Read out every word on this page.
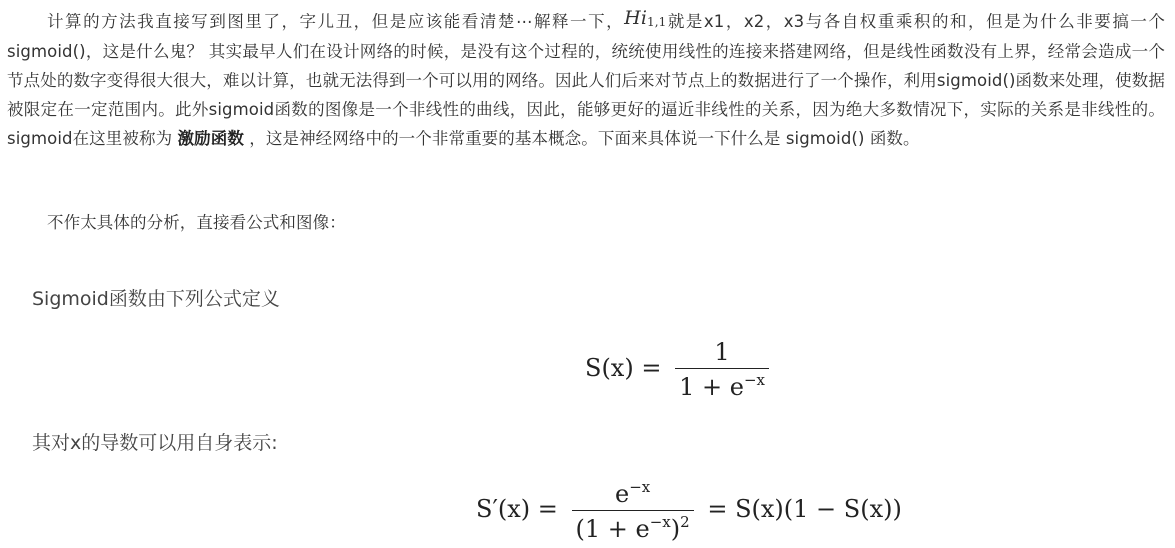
计算的方法我直接写到图里了，字儿丑，但是应该能看清楚⋯解释一下，$Hi_{1,1}$就是x1，x2，x3与各自权重乘积的和，但是为什么非要搞一个 sigmoid()，这是什么鬼？ 其实最早人们在设计网络的时候，是没有这个过程的，统统使用线性的连接来搭建网络，但是线性函数没有上界，经常会造成一个节点处的数字变得很大很大，难以计算，也就无法得到一个可以用的网络。因此人们后来对节点上的数据进行了一个操作，利用sigmoid()函数来处理，使数据被限定在一定范围内。此外sigmoid函数的图像是一个非线性的曲线，因此，能够更好的逼近非线性的关系，因为绝大多数情况下，实际的关系是非线性的。sigmoid在这里被称为 激励函数 ，这是神经网络中的一个非常重要的基本概念。下面来具体说一下什么是 sigmoid() 函数。

不作太具体的分析，直接看公式和图像：

Sigmoid函数由下列公式定义
$S(x) = \frac{1}{1 + e^{-x}}$
其对x的导数可以用自身表示:
$S'(x) = \frac{e^{-x}}{(1 + e^{-x})^2} = S(x)(1 - S(x))$
